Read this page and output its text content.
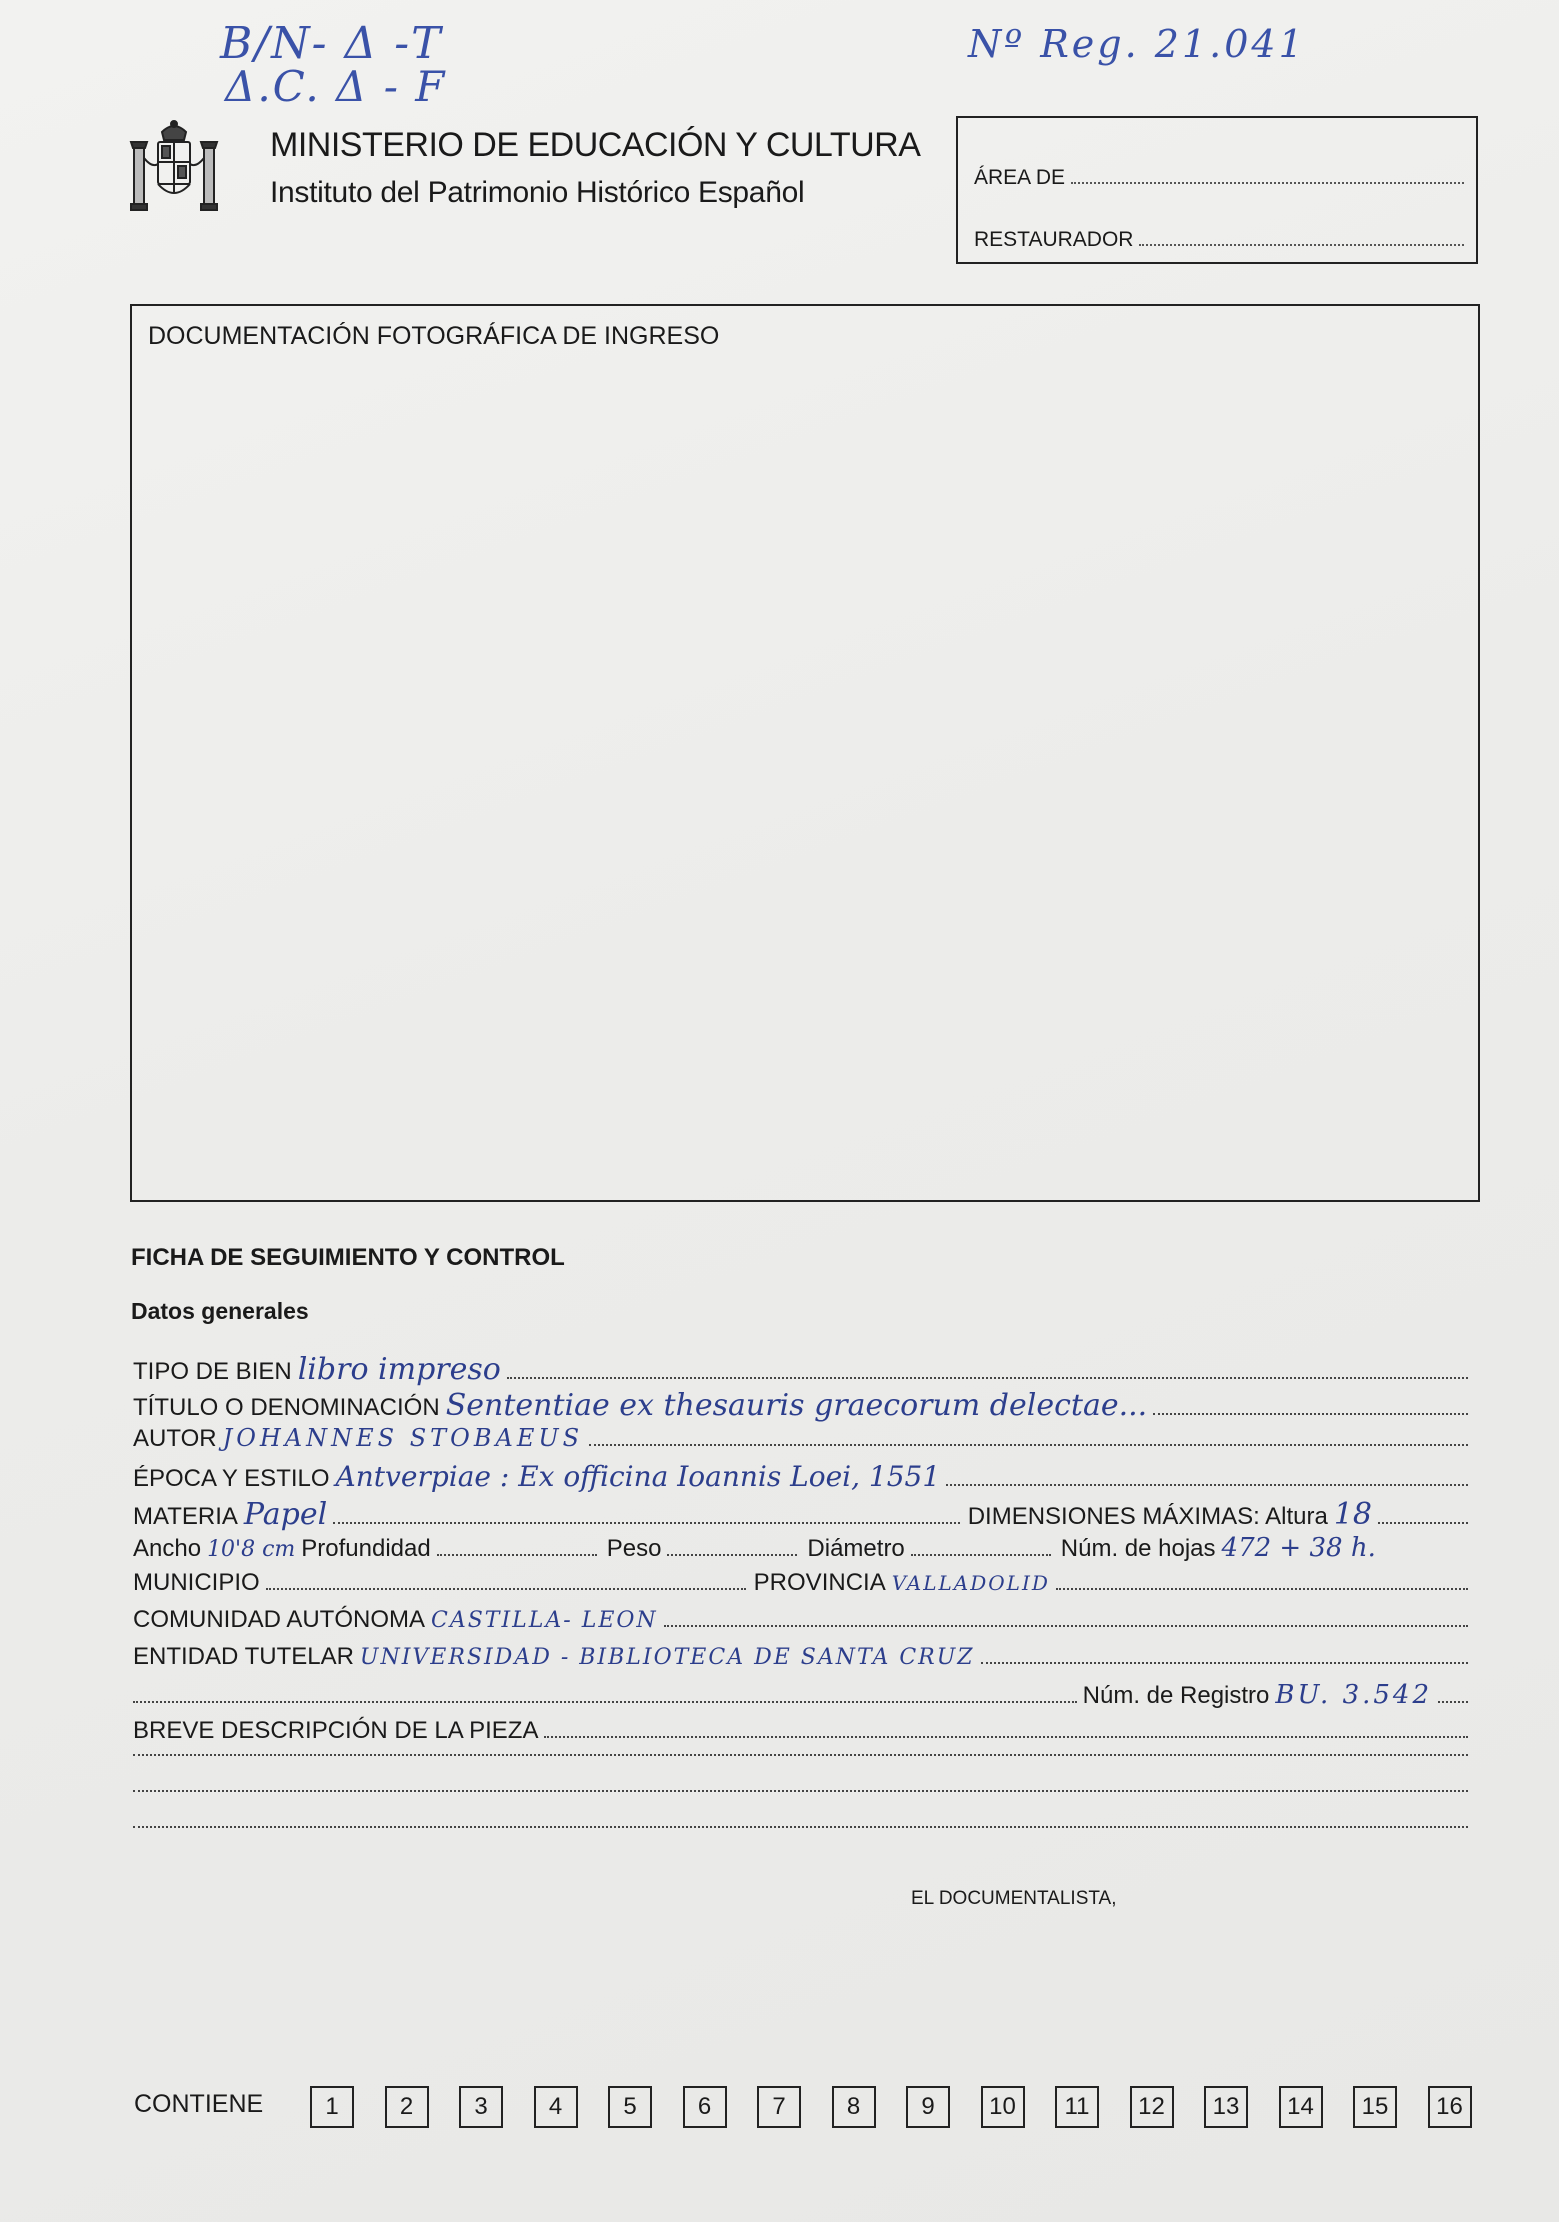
B/N- Δ -T
Δ.C. Δ - F
Nº Reg. 21.041
MINISTERIO DE EDUCACIÓN Y CULTURA
Instituto del Patrimonio Histórico Español	ÁREA DE
RESTAURADOR
DOCUMENTACIÓN FOTOGRÁFICA DE INGRESO
FICHA DE SEGUIMIENTO Y CONTROL
Datos generales
TIPO DE BIEN libro impreso
TÍTULO O DENOMINACIÓN Sententiae ex thesauris graecorum delectae...
AUTOR JOHANNES STOBAEUS
ÉPOCA Y ESTILO Antverpiae : Ex officina Ioannis Loei, 1551
MATERIA Papel	DIMENSIONES MÁXIMAS: Altura 18
Ancho 10'8 cm Profundidad	Peso	Diámetro	Núm. de hojas 472 + 38 h.
MUNICIPIO	PROVINCIA VALLADOLID
COMUNIDAD AUTÓNOMA CASTILLA- LEON
ENTIDAD TUTELAR UNIVERSIDAD - BIBLIOTECA DE SANTA CRUZ
Núm. de Registro BU. 3.542
BREVE DESCRIPCIÓN DE LA PIEZA
EL DOCUMENTALISTA,
CONTIENE	1	2	3	4	5	6	7	8	9	10	11	12	13	14	15	16
